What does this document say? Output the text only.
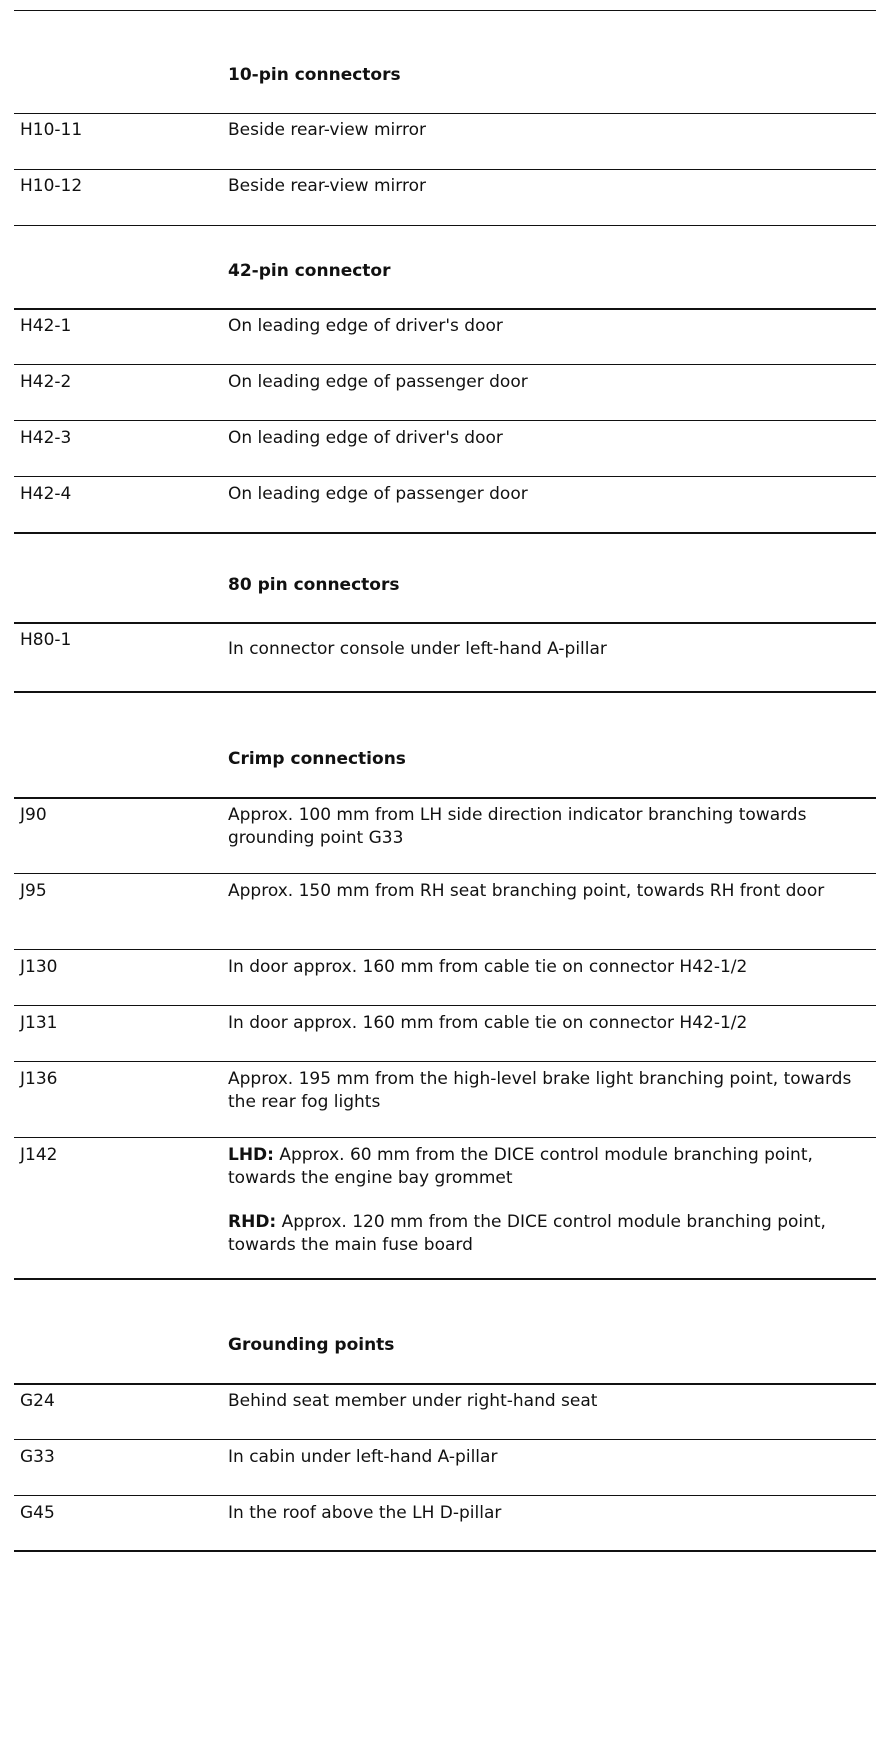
10-pin connectors
H10-11	Beside rear-view mirror
H10-12	Beside rear-view mirror
42-pin connector
H42-1	On leading edge of driver's door
H42-2	On leading edge of passenger door
H42-3	On leading edge of driver's door
H42-4	On leading edge of passenger door
80 pin connectors
H80-1	In connector console under left-hand A-pillar
Crimp connections
J90	Approx. 100 mm from LH side direction indicator branching towards grounding point G33
J95	Approx. 150 mm from RH seat branching point, towards RH front door
J130	In door approx. 160 mm from cable tie on connector H42-1/2
J131	In door approx. 160 mm from cable tie on connector H42-1/2
J136	Approx. 195 mm from the high-level brake light branching point, towards the rear fog lights
J142	LHD: Approx. 60 mm from the DICE control module branching point, towards the engine bay grommet

RHD: Approx. 120 mm from the DICE control module branching point, towards the main fuse board

Grounding points
G24	Behind seat member under right-hand seat
G33	In cabin under left-hand A-pillar
G45	In the roof above the LH D-pillar
